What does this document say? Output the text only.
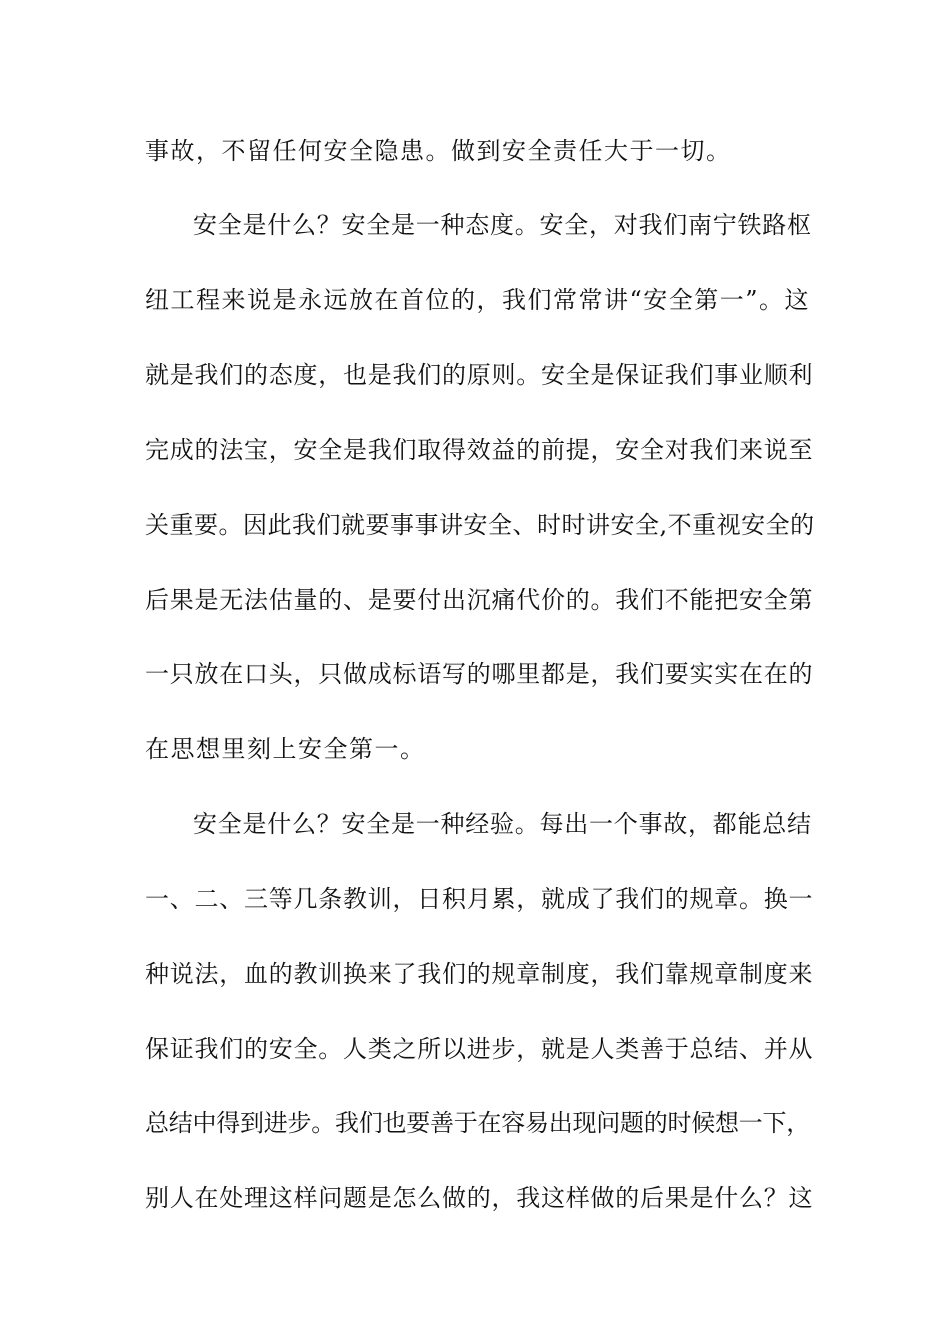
事故，不留任何安全隐患。做到安全责任大于一切。
安全是什么？安全是一种态度。安全，对我们南宁铁路枢
纽工程来说是永远放在首位的，我们常常讲“安全第一”。这
就是我们的态度，也是我们的原则。安全是保证我们事业顺利
完成的法宝，安全是我们取得效益的前提，安全对我们来说至
关重要。因此我们就要事事讲安全、时时讲安全,不重视安全的
后果是无法估量的、是要付出沉痛代价的。我们不能把安全第
一只放在口头，只做成标语写的哪里都是，我们要实实在在的
在思想里刻上安全第一。
安全是什么？安全是一种经验。每出一个事故，都能总结
一、二、三等几条教训，日积月累，就成了我们的规章。换一
种说法，血的教训换来了我们的规章制度，我们靠规章制度来
保证我们的安全。人类之所以进步，就是人类善于总结、并从
总结中得到进步。我们也要善于在容易出现问题的时候想一下，
别人在处理这样问题是怎么做的，我这样做的后果是什么？这
